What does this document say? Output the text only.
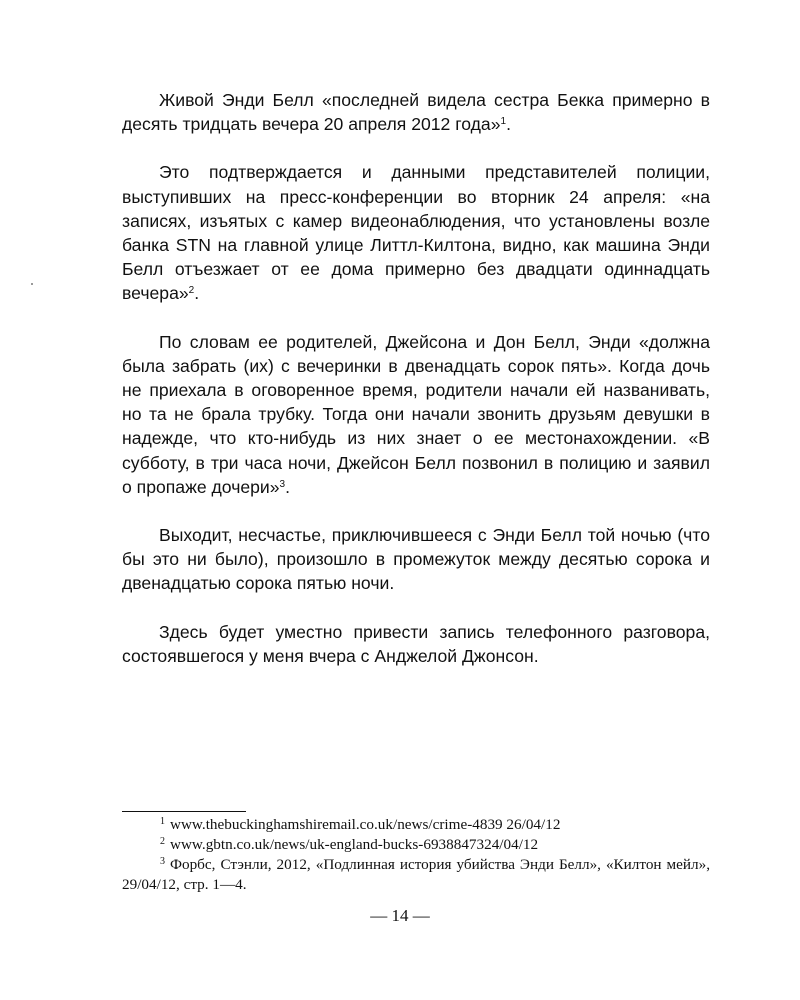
Живой Энди Белл «последней видела сестра Бекка примерно в десять тридцать вечера 20 апреля 2012 года»$^1$.

Это подтверждается и данными представителей полиции, выступивших на пресс-конференции во вторник 24 апреля: «на записях, изъятых с камер видеонаблюдения, что установлены возле банка STN на главной улице Литтл-Килтона, видно, как машина Энди Белл отъезжает от ее дома примерно без двадцати одиннадцать вечера»$^2$.

По словам ее родителей, Джейсона и Дон Белл, Энди «должна была забрать (их) с вечеринки в двенадцать сорок пять». Когда дочь не приехала в оговоренное время, родители начали ей названивать, но та не брала трубку. Тогда они начали звонить друзьям девушки в надежде, что кто-нибудь из них знает о ее местонахождении. «В субботу, в три часа ночи, Джейсон Белл позвонил в полицию и заявил о пропаже дочери»$^3$.

Выходит, несчастье, приключившееся с Энди Белл той ночью (что бы это ни было), произошло в промежуток между десятью сорока и двенадцатью сорока пятью ночи.

Здесь будет уместно привести запись телефонного разговора, состоявшегося у меня вчера с Анджелой Джонсон.

$^1$ www.thebuckinghamshiremail.co.uk/news/crime-4839 26/04/12

$^2$ www.gbtn.co.uk/news/uk-england-bucks-6938847324/04/12

$^3$ Форбс, Стэнли, 2012, «Подлинная история убийства Энди Белл», «Килтон мейл», 29/04/12, стр. 1—4.

— 14 —
